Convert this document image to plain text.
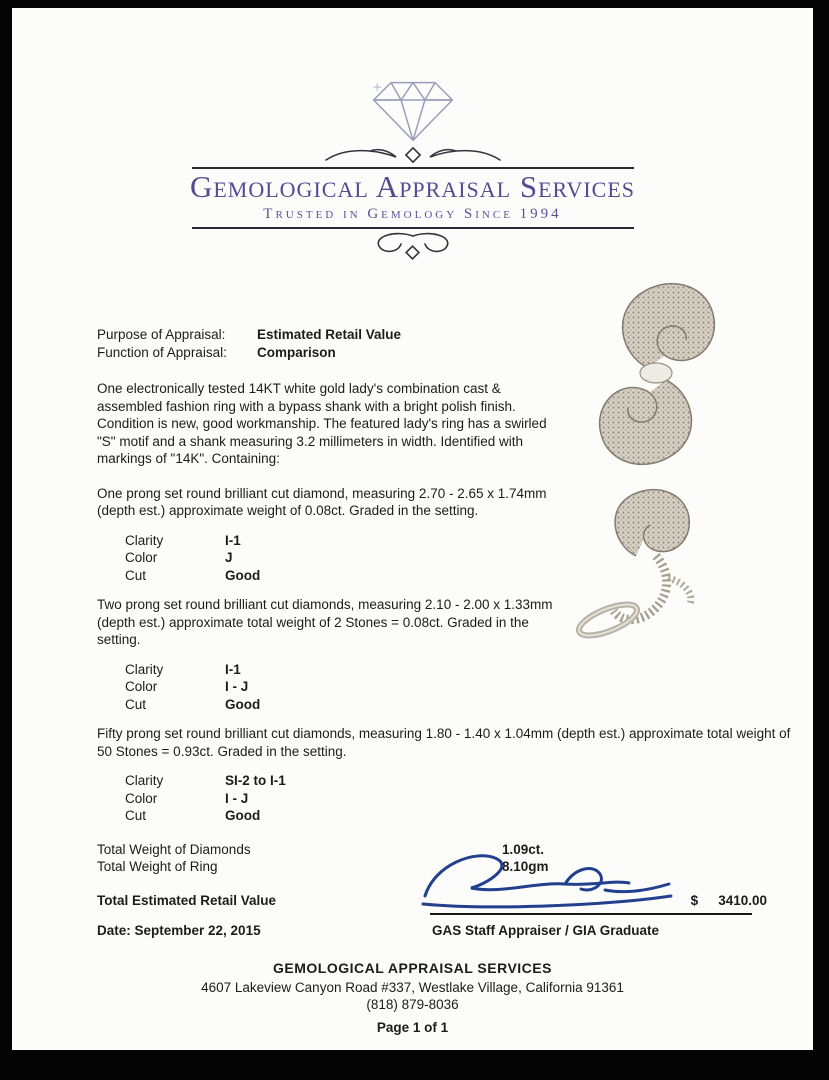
Gemological Appraisal Services
Trusted in Gemology Since 1994
Purpose of Appraisal:	Estimated Retail Value
Function of Appraisal:	Comparison

One electronically tested 14KT white gold lady's combination cast & assembled fashion ring with a bypass shank with a bright polish finish. Condition is new, good workmanship. The featured lady's ring has a swirled "S" motif and a shank measuring 3.2 millimeters in width. Identified with markings of "14K". Containing:

One prong set round brilliant cut diamond, measuring 2.70 - 2.65 x 1.74mm (depth est.) approximate weight of 0.08ct. Graded in the setting.

Clarity	I-1
Color	J
Cut	Good

Two prong set round brilliant cut diamonds, measuring 2.10 - 2.00 x 1.33mm (depth est.) approximate total weight of 2 Stones = 0.08ct. Graded in the setting.

Clarity	I-1
Color	I - J
Cut	Good

Fifty prong set round brilliant cut diamonds, measuring 1.80 - 1.40 x 1.04mm (depth est.) approximate total weight of 50 Stones = 0.93ct. Graded in the setting.

Clarity	SI-2 to I-1
Color	I - J
Cut	Good
Total Weight of Diamonds	1.09ct.
Total Weight of Ring	8.10gm
Total Estimated Retail Value	$ 3410.00
Date: September 22, 2015	GAS Staff Appraiser / GIA Graduate
GEMOLOGICAL APPRAISAL SERVICES
4607 Lakeview Canyon Road #337, Westlake Village, California 91361
(818) 879-8036
Page 1 of 1
